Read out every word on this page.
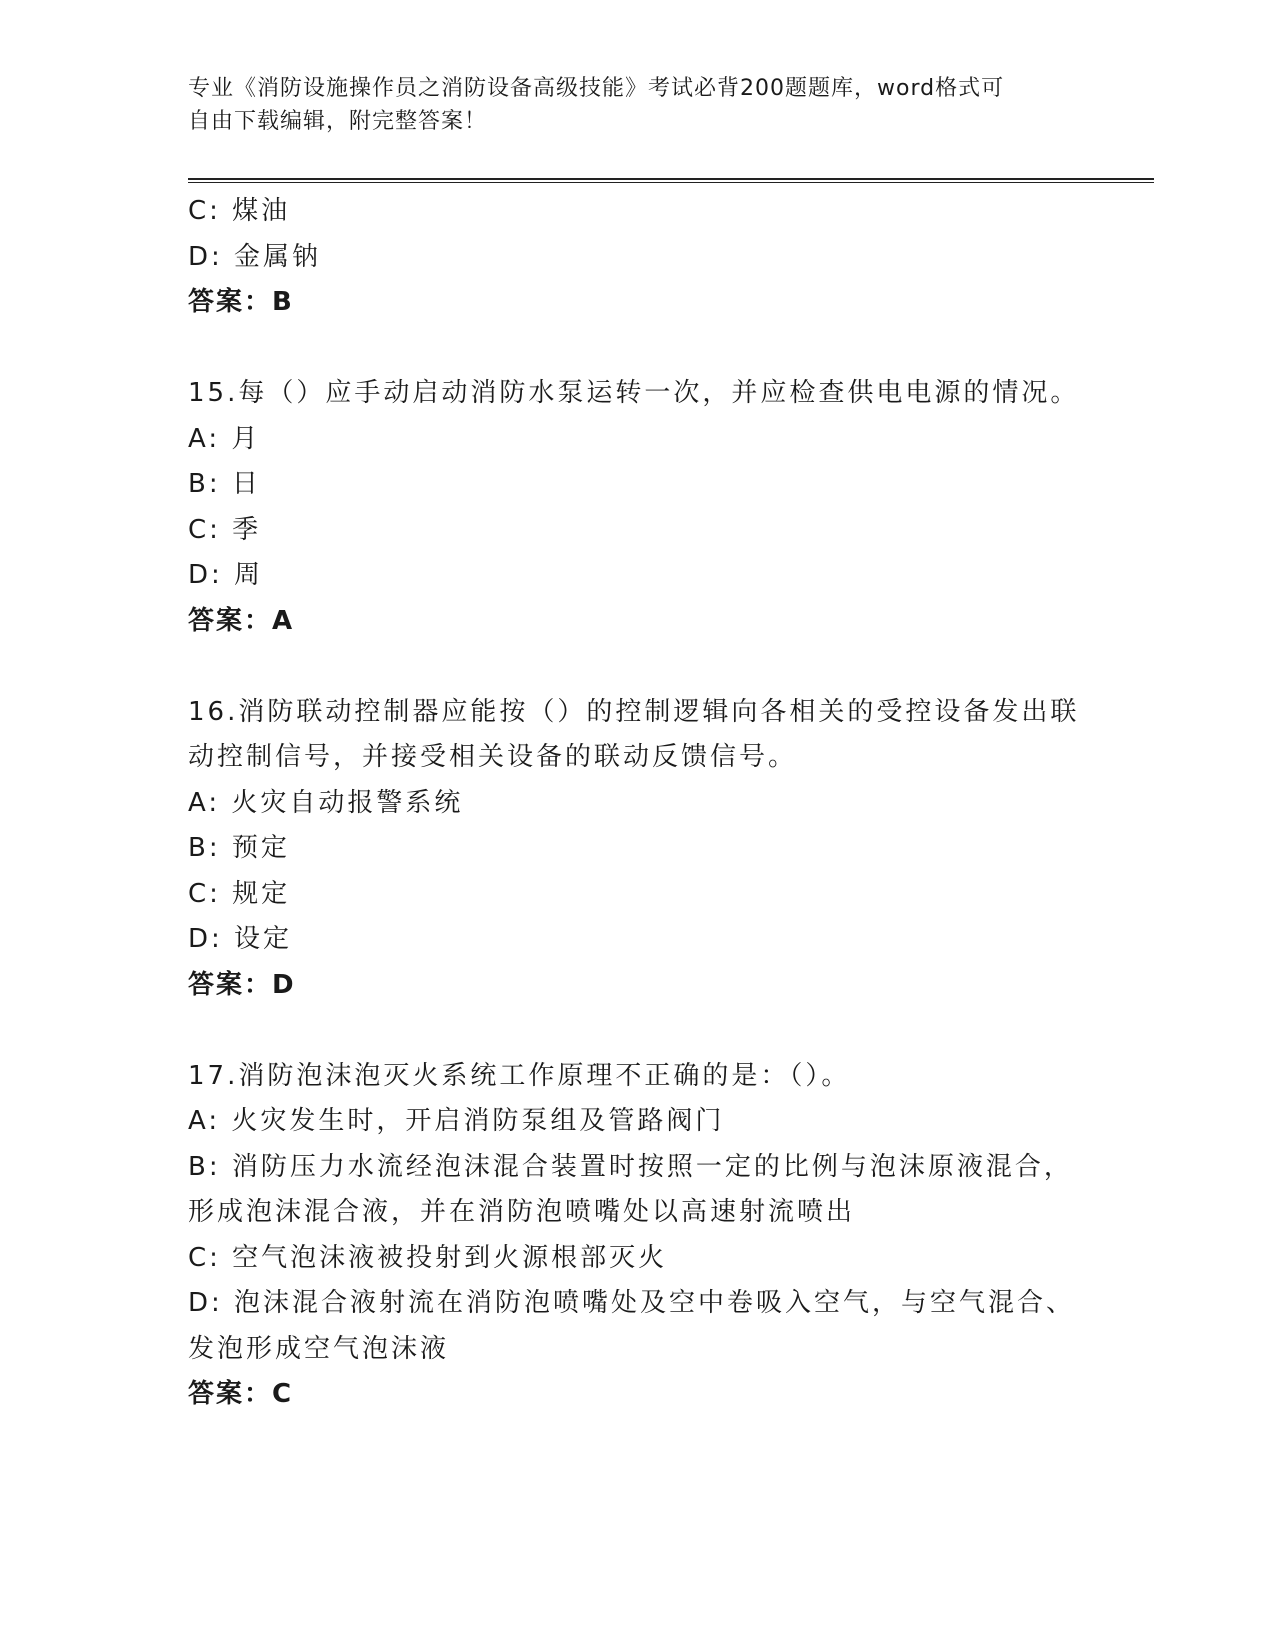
专业《消防设施操作员之消防设备高级技能》考试必背200题题库，word格式可
自由下载编辑，附完整答案！
C: 煤油
D: 金属钠
答案：B
15.每（）应手动启动消防水泵运转一次，并应检查供电电源的情况。
A: 月
B: 日
C: 季
D: 周
答案：A
16.消防联动控制器应能按（）的控制逻辑向各相关的受控设备发出联
动控制信号，并接受相关设备的联动反馈信号。
A: 火灾自动报警系统
B: 预定
C: 规定
D: 设定
答案：D
17.消防泡沫泡灭火系统工作原理不正确的是：（）。
A: 火灾发生时，开启消防泵组及管路阀门
B: 消防压力水流经泡沫混合装置时按照一定的比例与泡沫原液混合，
形成泡沫混合液，并在消防泡喷嘴处以高速射流喷出
C: 空气泡沫液被投射到火源根部灭火
D: 泡沫混合液射流在消防泡喷嘴处及空中卷吸入空气，与空气混合、
发泡形成空气泡沫液
答案：C
